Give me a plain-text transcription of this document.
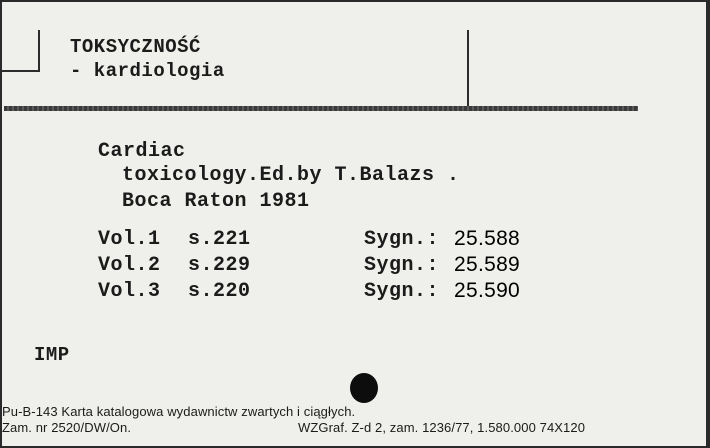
TOKSYCZNOŚĆ
- kardiologia
Cardiac
toxicology.Ed.by T.Balazs .
Boca Raton 1981
Vol.1 s.221	Sygn.: 25.588
Vol.2 s.229	Sygn.: 25.589
Vol.3 s.220	Sygn.: 25.590
IMP
Pu-B-143 Karta katalogowa wydawnictw zwartych i ciągłych.
Zam. nr 2520/DW/On.	WZGraf. Z-d 2, zam. 1236/77, 1.580.000 74X120
